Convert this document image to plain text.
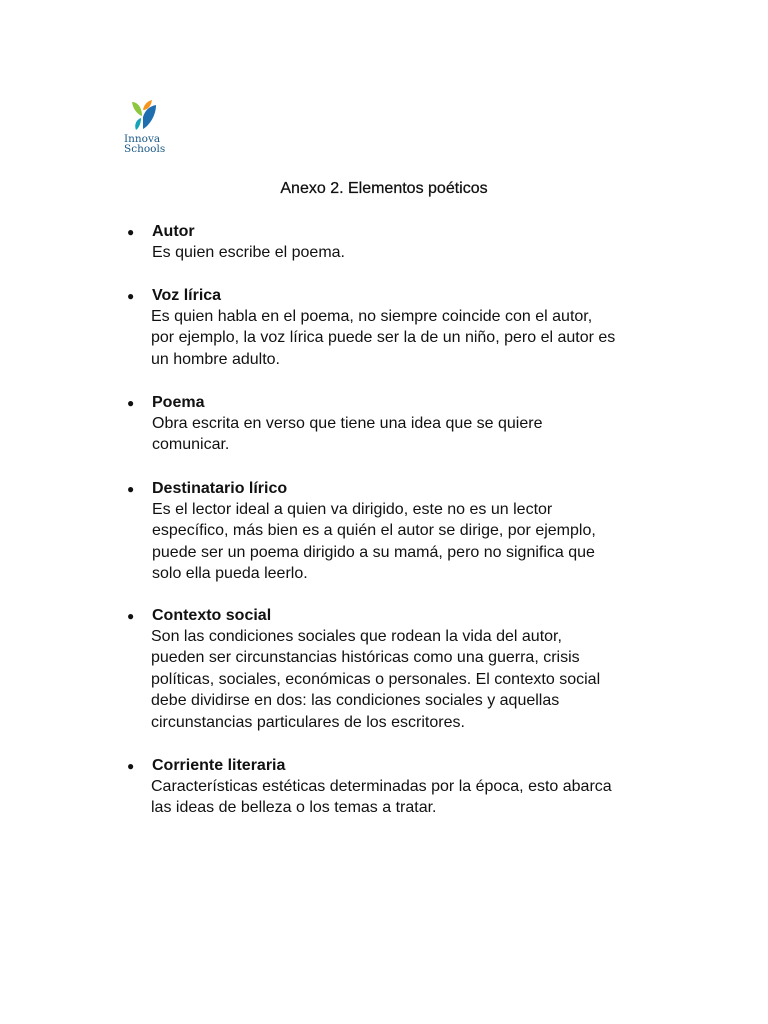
Innova
Schools
Anexo 2. Elementos poéticos
● Autor

Es quien escribe el poema.

● Voz lírica

Es quien habla en el poema, no siempre coincide con el autor,
por ejemplo, la voz lírica puede ser la de un niño, pero el autor es
un hombre adulto.

● Poema

Obra escrita en verso que tiene una idea que se quiere
comunicar.

● Destinatario lírico

Es el lector ideal a quien va dirigido, este no es un lector
específico, más bien es a quién el autor se dirige, por ejemplo,
puede ser un poema dirigido a su mamá, pero no significa que
solo ella pueda leerlo.

● Contexto social

Son las condiciones sociales que rodean la vida del autor,
pueden ser circunstancias históricas como una guerra, crisis
políticas, sociales, económicas o personales. El contexto social
debe dividirse en dos: las condiciones sociales y aquellas
circunstancias particulares de los escritores.

● Corriente literaria

Características estéticas determinadas por la época, esto abarca
las ideas de belleza o los temas a tratar.
